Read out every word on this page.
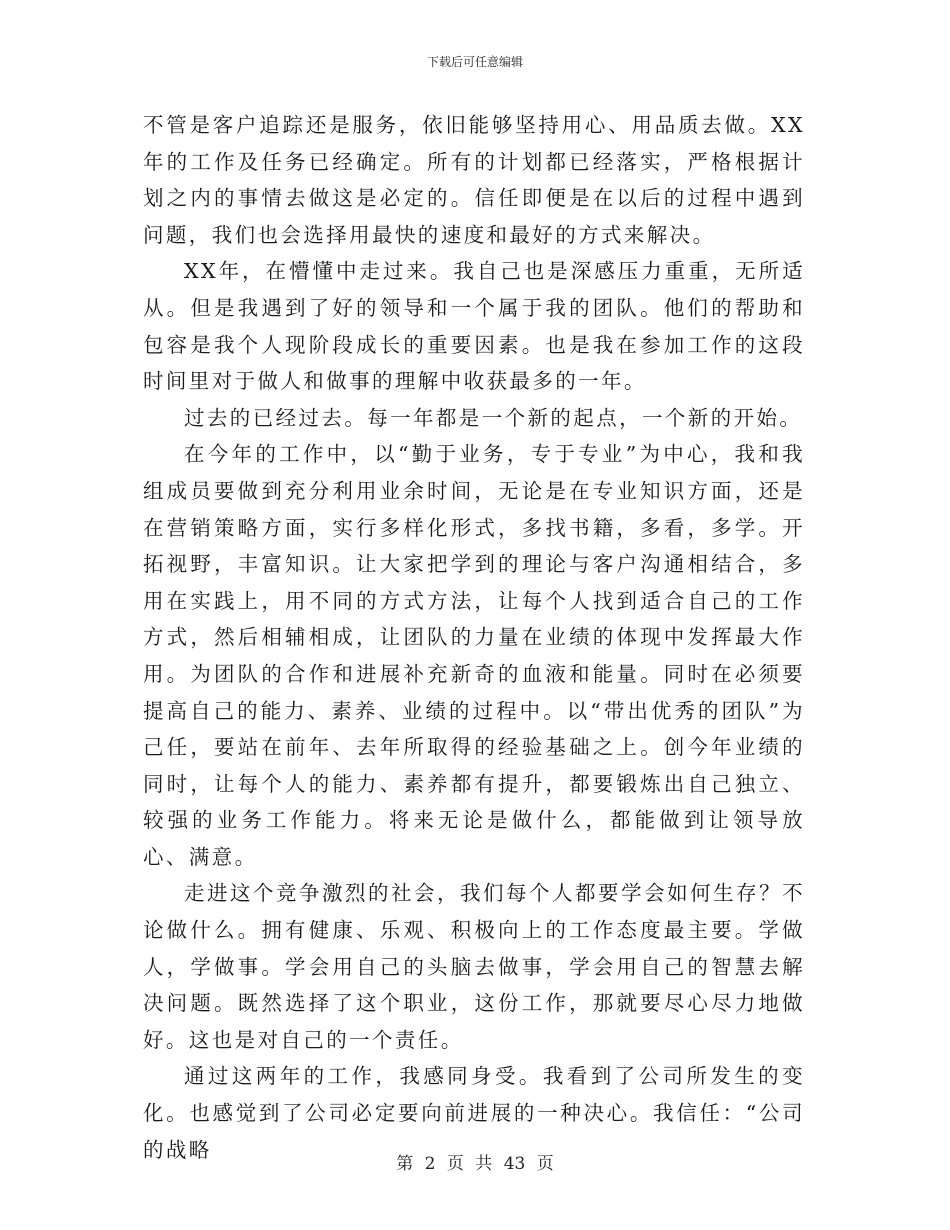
下载后可任意编辑

不管是客户追踪还是服务，依旧能够坚持用心、用品质去做。XX年的工作及任务已经确定。所有的计划都已经落实，严格根据计划之内的事情去做这是必定的。信任即便是在以后的过程中遇到问题，我们也会选择用最快的速度和最好的方式来解决。

XX年，在懵懂中走过来。我自己也是深感压力重重，无所适从。但是我遇到了好的领导和一个属于我的团队。他们的帮助和包容是我个人现阶段成长的重要因素。也是我在参加工作的这段时间里对于做人和做事的理解中收获最多的一年。

过去的已经过去。每一年都是一个新的起点，一个新的开始。

在今年的工作中，以“勤于业务，专于专业”为中心，我和我组成员要做到充分利用业余时间，无论是在专业知识方面，还是在营销策略方面，实行多样化形式，多找书籍，多看，多学。开拓视野，丰富知识。让大家把学到的理论与客户沟通相结合，多用在实践上，用不同的方式方法，让每个人找到适合自己的工作方式，然后相辅相成，让团队的力量在业绩的体现中发挥最大作用。为团队的合作和进展补充新奇的血液和能量。同时在必须要提高自己的能力、素养、业绩的过程中。以“带出优秀的团队”为己任，要站在前年、去年所取得的经验基础之上。创今年业绩的同时，让每个人的能力、素养都有提升，都要锻炼出自己独立、较强的业务工作能力。将来无论是做什么，都能做到让领导放心、满意。

走进这个竞争激烈的社会，我们每个人都要学会如何生存？不论做什么。拥有健康、乐观、积极向上的工作态度最主要。学做人，学做事。学会用自己的头脑去做事，学会用自己的智慧去解决问题。既然选择了这个职业，这份工作，那就要尽心尽力地做好。这也是对自己的一个责任。

通过这两年的工作，我感同身受。我看到了公司所发生的变化。也感觉到了公司必定要向前进展的一种决心。我信任：“公司的战略

第 2 页 共 43 页
